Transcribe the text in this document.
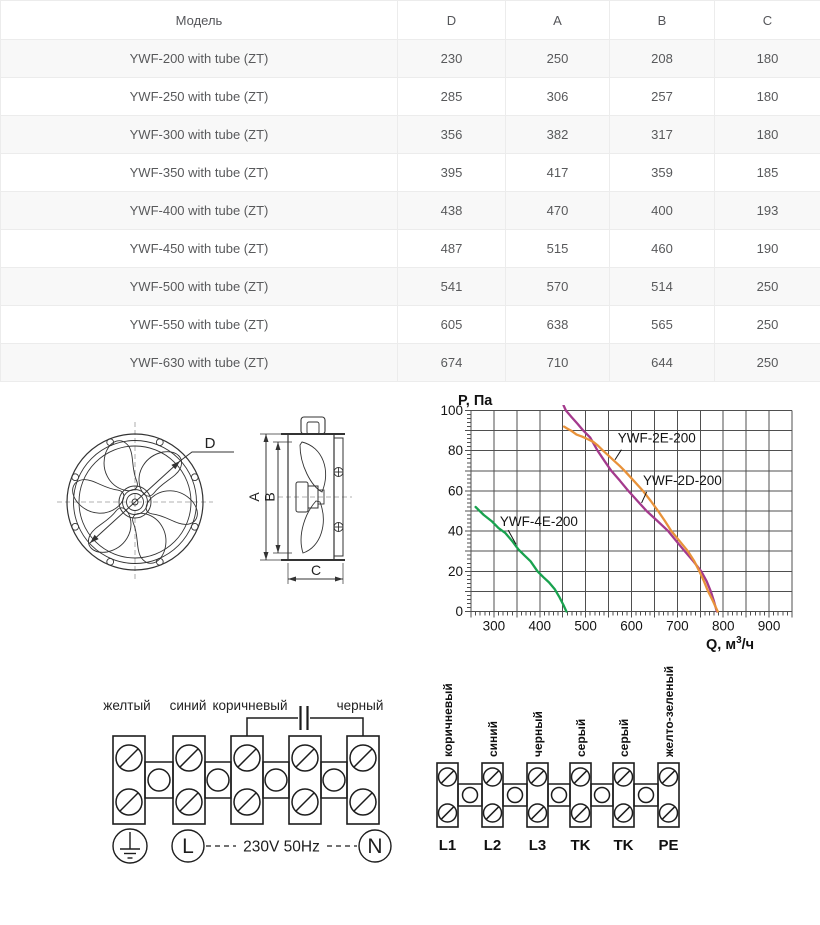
Модель	D	A	B	C
YWF-200 with tube (ZT)	230	250	208	180
YWF-250 with tube (ZT)	285	306	257	180
YWF-300 with tube (ZT)	356	382	317	180
YWF-350 with tube (ZT)	395	417	359	185
YWF-400 with tube (ZT)	438	470	400	193
YWF-450 with tube (ZT)	487	515	460	190
YWF-500 with tube (ZT)	541	570	514	250
YWF-550 with tube (ZT)	605	638	565	250
YWF-630 with tube (ZT)	674	710	644	250
D
A B
C
300 400 500 600 700 800 900
0
20
40
60
80
100
YWF-4E-200
YWF-2D-200
YWF-2E-200
P, Па
Q, $м^3/ч$
желтый синий коричневый	черный
L	N
230V 50Hz
коричневый	синий	черный серый серый	желто-зеленый
L1 L2 L3 TK TK PE
